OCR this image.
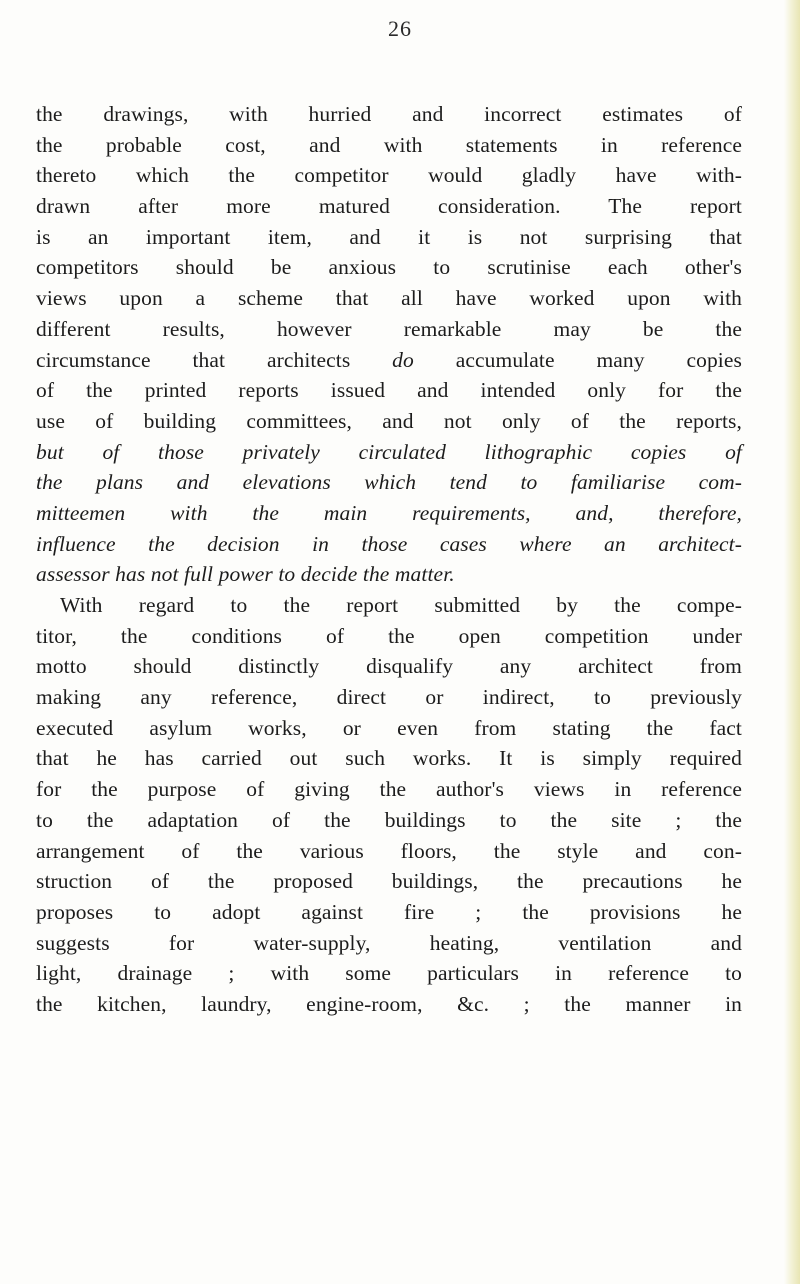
26
the drawings, with hurried and incorrect estimates of
the probable cost, and with statements in reference
thereto which the competitor would gladly have with-
drawn after more matured consideration. The report
is an important item, and it is not surprising that
competitors should be anxious to scrutinise each other's
views upon a scheme that all have worked upon with
different results, however remarkable may be the
circumstance that architects do accumulate many copies
of the printed reports issued and intended only for the
use of building committees, and not only of the reports,
but of those privately circulated lithographic copies of
the plans and elevations which tend to familiarise com-
mitteemen with the main requirements, and, therefore,
influence the decision in those cases where an architect-
assessor has not full power to decide the matter.
With regard to the report submitted by the compe-
titor, the conditions of the open competition under
motto should distinctly disqualify any architect from
making any reference, direct or indirect, to previously
executed asylum works, or even from stating the fact
that he has carried out such works. It is simply required
for the purpose of giving the author's views in reference
to the adaptation of the buildings to the site ; the
arrangement of the various floors, the style and con-
struction of the proposed buildings, the precautions he
proposes to adopt against fire ; the provisions he
suggests for water-supply, heating, ventilation and
light, drainage ; with some particulars in reference to
the kitchen, laundry, engine-room, &c. ; the manner in
